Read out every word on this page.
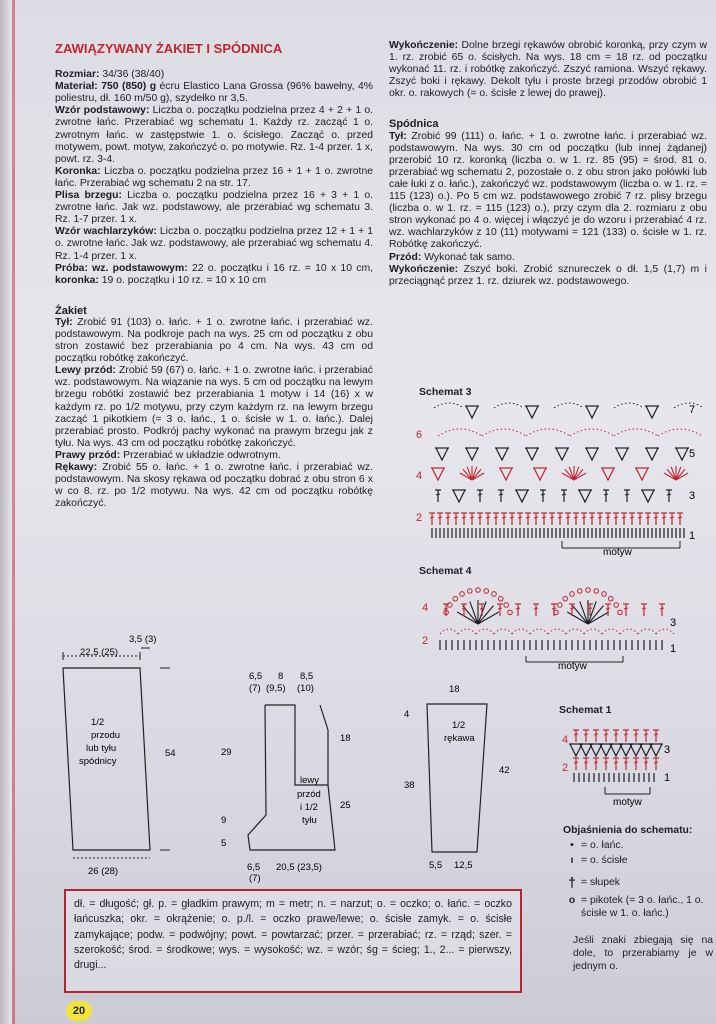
ZAWIĄZYWANY ŻAKIET I SPÓDNICA

Rozmiar: 34/36 (38/40)

Materiał: 750 (850) g écru Elastico Lana Grossa (96% bawełny, 4% poliestru, dł. 160 m/50 g), szydełko nr 3,5.

Wzór podstawowy: Liczba o. początku podzielna przez 4 + 2 + 1 o. zwrotne łańc. Przerabiać wg schematu 1. Każdy rz. zacząć 1 o. zwrotnym łańc. w zastępstwie 1. o. ścisłego. Zacząć o. przed motywem, powt. motyw, zakończyć o. po motywie. Rz. 1-4 przer. 1 x, powt. rz. 3-4.

Koronka: Liczba o. początku podzielna przez 16 + 1 + 1 o. zwrotne łańc. Przerabiać wg schematu 2 na str. 17.

Plisa brzegu: Liczba o. początku podzielna przez 16 + 3 + 1 o. zwrotne łańc. Jak wz. podstawowy, ale przerabiać wg schematu 3. Rz. 1-7 przer. 1 x.

Wzór wachlarzyków: Liczba o. początku podzielna przez 12 + 1 + 1 o. zwrotne łańc. Jak wz. podstawowy, ale przerabiać wg schematu 4. Rz. 1-4 przer. 1 x.

Próba: wz. podstawowym: 22 o. początku i 16 rz. = 10 x 10 cm, koronka: 19 o. początku i 10 rz. = 10 x 10 cm

Żakiet

Tył: Zrobić 91 (103) o. łańc. + 1 o. zwrotne łańc. i przerabiać wz. podstawowym. Na podkroje pach na wys. 25 cm od początku z obu stron zostawić bez przerabiania po 4 cm. Na wys. 43 cm od początku robótkę zakończyć.

Lewy przód: Zrobić 59 (67) o. łańc. + 1 o. zwrotne łańc. i przerabiać wz. podstawowym. Na wiązanie na wys. 5 cm od początku na lewym brzegu robótki zostawić bez przerabiania 1 motyw i 14 (16) x w każdym rz. po 1/2 motywu, przy czym każdym rz. na lewym brzegu zacząć 1 pikotkiem (= 3 o. łańc., 1 o. ścisłe w 1. o. łańc.). Dalej przerabiać prosto. Podkrój pachy wykonać na prawym brzegu jak z tyłu. Na wys. 43 cm od początku robótkę zakończyć.

Prawy przód: Przerabiać w układzie odwrotnym.

Rękawy: Zrobić 55 o. łańc. + 1 o. zwrotne łańc. i przerabiać wz. podstawowym. Na skosy rękawa od początku dobrać z obu stron 6 x w co 8. rz. po 1/2 motywu. Na wys. 42 cm od początku robótkę zakończyć.

Wykończenie: Dolne brzegi rękawów obrobić koronką, przy czym w 1. rz. zrobić 65 o. ścisłych. Na wys. 18 cm = 18 rz. od początku wykonać 11. rz. i robótkę zakończyć. Zszyć ramiona. Wszyć rękawy. Zszyć boki i rękawy. Dekolt tyłu i proste brzegi przodów obrobić 1 okr. o. rakowych (= o. ścisłe z lewej do prawej).

Spódnica

Tył: Zrobić 99 (111) o. łańc. + 1 o. zwrotne łańc. i przerabiać wz. podstawowym. Na wys. 30 cm od początku (lub innej żądanej) przerobić 10 rz. koronką (liczba o. w 1. rz. 85 (95) = środ. 81 o. przerabiać wg schematu 2, pozostałe o. z obu stron jako połówki lub całe łuki z o. łańc.), zakończyć wz. podstawowym (liczba o. w 1. rz. = 115 (123) o.). Po 5 cm wz. podstawowego zrobić 7 rz. plisy brzegu (liczba o. w 1. rz. = 115 (123) o.), przy czym dla 2. rozmiaru z obu stron wykonać po 4 o. więcej i włączyć je do wzoru i przerabiać 4 rz. wz. wachlarzyków z 10 (11) motywami = 121 (133) o. ścisłe w 1. rz. Robótkę zakończyć.

Przód: Wykonać tak samo.

Wykończenie: Zszyć boki. Zrobić sznureczek o dł. 1,5 (1,7) m i przeciągnąć przez 1. rz. dziurek wz. podstawowego.

Schemat 3
7
6
5
4
3
2
1
motyw
Schemat 4
4
3
2
1
motyw
Schemat 1
4
3
2
1
motyw
22,5 (25)
3,5 (3)
54
26 (28)
1/2
przodu
lub tyłu
spódnicy
6,5
(7)
8
(9,5)
8,5
(10)
29
18
25
9
5
6,5
(7)
20,5 (23,5)
lewy
przód
i 1/2
tyłu
18
4
38
42
5,5 12,5
1/2
rękawa
Objaśnienia do schematu:
• = o. łańc.
ı = o. ścisłe
† = słupek
o = pikotek (= 3 o. łańc., 1 o. ścisłe w 1. o. łańc.)
Jeśli znaki zbiegają się na dole, to przerabiamy je w jednym o.
dł. = długość; gł. p. = gładkim prawym; m = metr; n. = narzut; o. = oczko; o. łańc. = oczko łańcuszka; okr. = okrążenie; o. p./l. = oczko prawe/lewe; o. ścisłe zamyk. = o. ścisłe zamykające; podw. = podwójny; powt. = powtarzać; przer. = przerabiać; rz. = rząd; szer. = szerokość; środ. = środkowe; wys. = wysokość; wz. = wzór; śg = ścieg; 1., 2... = pierwszy, drugi...
20
